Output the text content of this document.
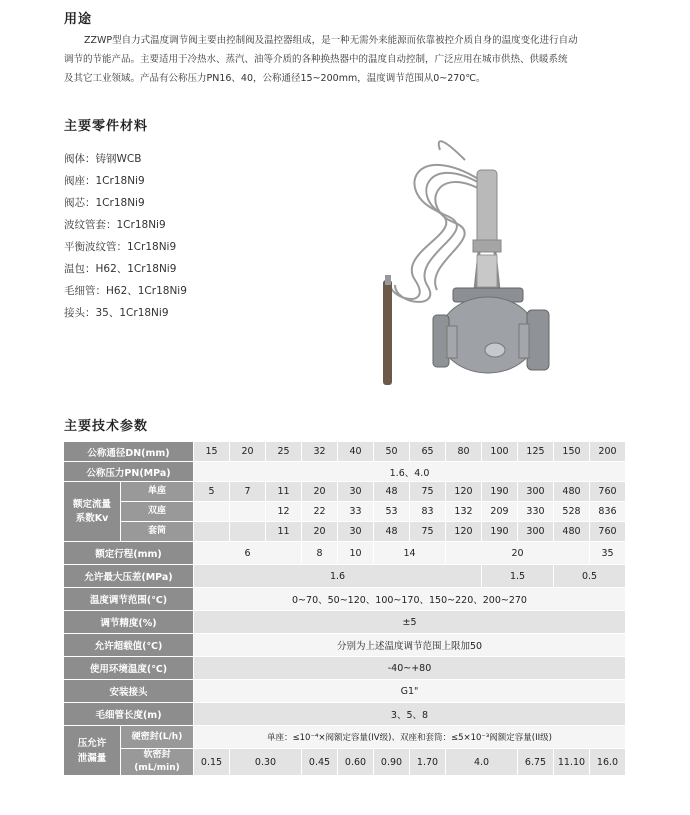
用途
ZZWP型自力式温度调节阀主要由控制阀及温控器组成，是一种无需外来能源而依靠被控介质自身的温度变化进行自动
调节的节能产品。主要适用于冷热水、蒸汽、油等介质的各种换热器中的温度自动控制，广泛应用在城市供热、供暖系统
及其它工业领域。产品有公称压力PN16、40，公称通径15~200mm，温度调节范围从0~270℃。
主要零件材料
阀体：铸钢WCB
阀座：1Cr18Ni9
阀芯：1Cr18Ni9
波纹管套：1Cr18Ni9
平衡波纹管：1Cr18Ni9
温包：H62、1Cr18Ni9
毛细管：H62、1Cr18Ni9
接头：35、1Cr18Ni9
主要技术参数
公称通径DN(mm)		15	20	25	32	40	50	65	80	100	125	150	200
公称压力PN(MPa)		1.6、4.0											
额定流量
系数Kv	单座	5	7	11	20	30	48	75	120	190	300	480	760
	双座			12	22	33	53	83	132	209	330	528	836
	套筒			11	20	30	48	75	120	190	300	480	760
额定行程(mm)		6			8	10	14		20				35
允许最大压差(MPa)		1.6								1.5		0.5	
温度调节范围(℃)		0~70、50~120、100~170、150~220、200~270											
调节精度(%)		±5											
允许超载值(℃)		分别为上述温度调节范围上限加50											
使用环境温度(℃)		-40~+80											
安装接头		G1"											
毛细管长度(m)		3、5、8											
压允许
泄漏量	硬密封(L/h)	单座：≤10⁻⁴×阀额定容量(IV级)、双座和套筒：≤5×10⁻³阀额定容量(II级)											
	软密封(mL/min)	0.15	0.30		0.45	0.60	0.90	1.70	4.0		6.75	11.10	16.0
